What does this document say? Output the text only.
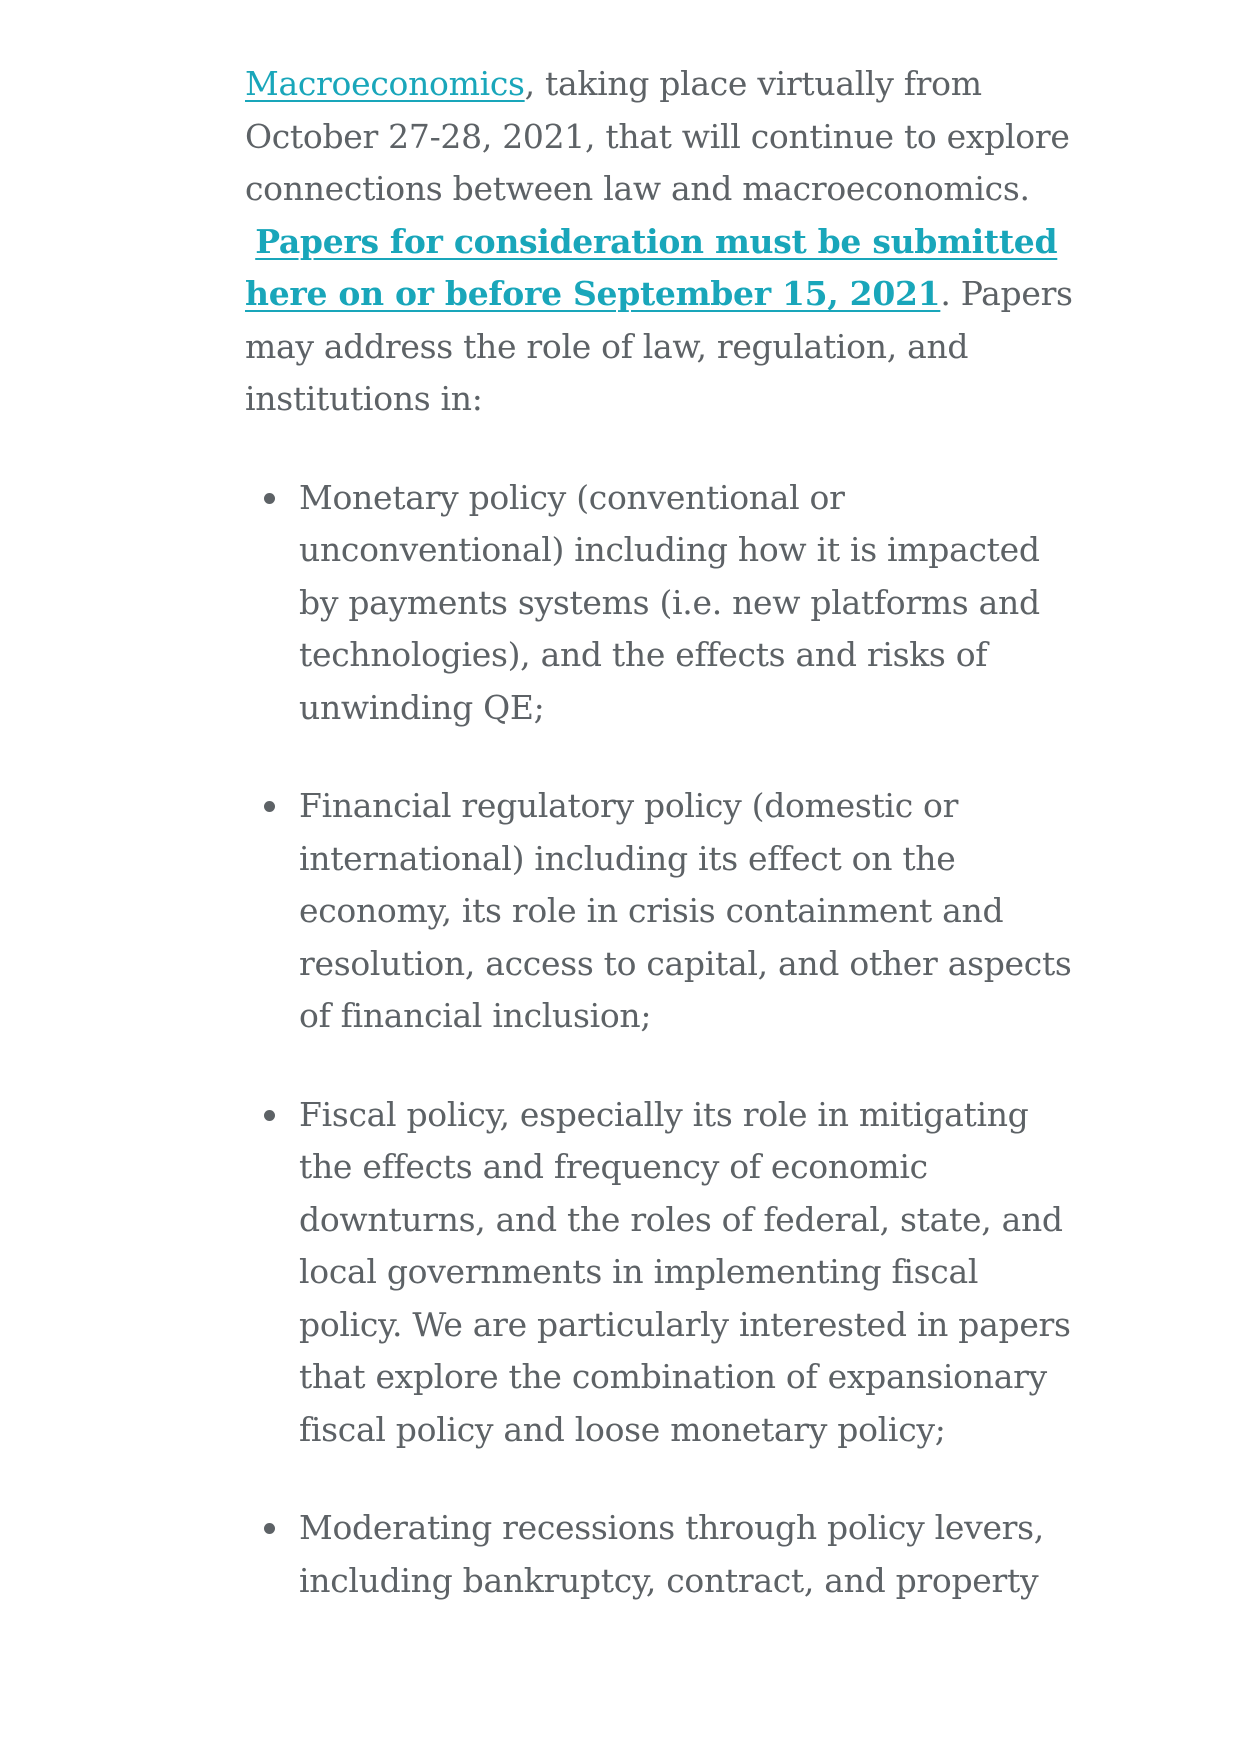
Macroeconomics, taking place virtually from October 27-28, 2021, that will continue to explore connections between law and macroeconomics.
Papers for consideration must be submitted here on or before September 15, 2021. Papers may address the role of law, regulation, and institutions in:

Monetary policy (conventional or unconventional) including how it is impacted by payments systems (i.e. new platforms and technologies), and the effects and risks of unwinding QE;
Financial regulatory policy (domestic or international) including its effect on the economy, its role in crisis containment and resolution, access to capital, and other aspects of financial inclusion;
Fiscal policy, especially its role in mitigating the effects and frequency of economic downturns, and the roles of federal, state, and local governments in implementing fiscal policy. We are particularly interested in papers that explore the combination of expansionary fiscal policy and loose monetary policy;
Moderating recessions through policy levers, including bankruptcy, contract, and property
